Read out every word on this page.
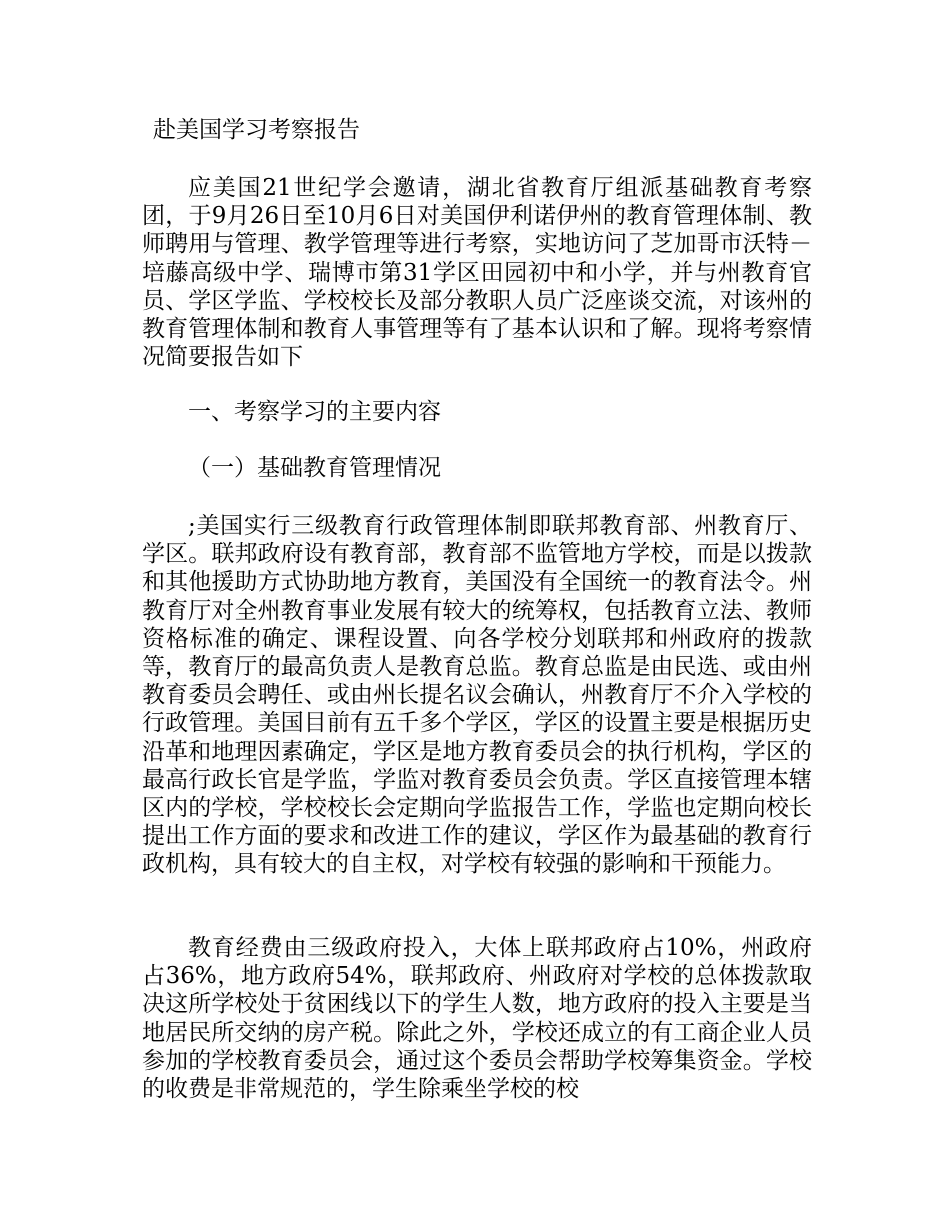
赴美国学习考察报告

应美国21世纪学会邀请，湖北省教育厅组派基础教育考察团，于9月26日至10月6日对美国伊利诺伊州的教育管理体制、教师聘用与管理、教学管理等进行考察，实地访问了芝加哥市沃特－培藤高级中学、瑞博市第31学区田园初中和小学，并与州教育官员、学区学监、学校校长及部分教职人员广泛座谈交流，对该州的教育管理体制和教育人事管理等有了基本认识和了解。现将考察情况简要报告如下

一、考察学习的主要内容
（一）基础教育管理情况

;美国实行三级教育行政管理体制即联邦教育部、州教育厅、学区。联邦政府设有教育部，教育部不监管地方学校，而是以拨款和其他援助方式协助地方教育，美国没有全国统一的教育法令。州教育厅对全州教育事业发展有较大的统筹权，包括教育立法、教师资格标准的确定、课程设置、向各学校分划联邦和州政府的拨款等，教育厅的最高负责人是教育总监。教育总监是由民选、或由州教育委员会聘任、或由州长提名议会确认，州教育厅不介入学校的行政管理。美国目前有五千多个学区，学区的设置主要是根据历史沿革和地理因素确定，学区是地方教育委员会的执行机构，学区的最高行政长官是学监，学监对教育委员会负责。学区直接管理本辖区内的学校，学校校长会定期向学监报告工作，学监也定期向校长提出工作方面的要求和改进工作的建议，学区作为最基础的教育行政机构，具有较大的自主权，对学校有较强的影响和干预能力。

教育经费由三级政府投入，大体上联邦政府占10%，州政府占36%，地方政府54%，联邦政府、州政府对学校的总体拨款取决这所学校处于贫困线以下的学生人数，地方政府的投入主要是当地居民所交纳的房产税。除此之外，学校还成立的有工商企业人员参加的学校教育委员会，通过这个委员会帮助学校筹集资金。学校的收费是非常规范的，学生除乘坐学校的校
